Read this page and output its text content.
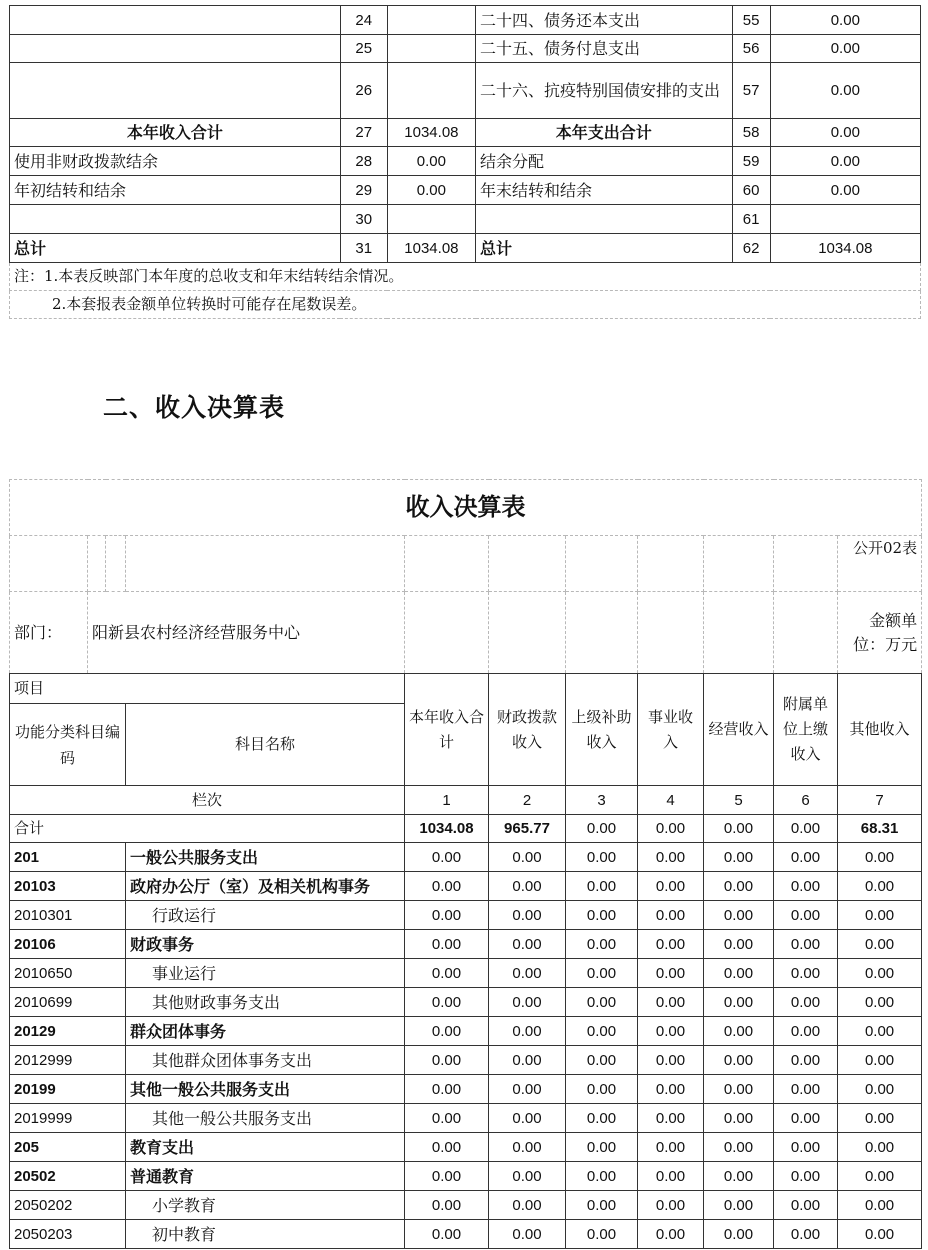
	24		二十四、债务还本支出	55	0.00
	25		二十五、债务付息支出	56	0.00
	26		二十六、抗疫特别国债安排的支出	57	0.00
本年收入合计	27	1034.08	本年支出合计	58	0.00
使用非财政拨款结余	28	0.00	结余分配	59	0.00
年初结转和结余	29	0.00	年末结转和结余	60	0.00
	30			61	
总计	31	1034.08	总计	62	1034.08
注：1.本表反映部门本年度的总收支和年末结转结余情况。					
2.本套报表金额单位转换时可能存在尾数误差。					
二、收入决算表
收入决算表										
										公开02表
部门：	阳新县农村经济经营服务中心									金额单位：万元
项目				本年收入合计	财政拨款收入	上级补助收入	事业收入	经营收入	附属单位上缴收入	其他收入
功能分类科目编码			科目名称							
栏次				1	2	3	4	5	6	7
合计				1034.08	965.77	0.00	0.00	0.00	0.00	68.31
201			一般公共服务支出	0.00	0.00	0.00	0.00	0.00	0.00	0.00
20103			政府办公厅（室）及相关机构事务	0.00	0.00	0.00	0.00	0.00	0.00	0.00
2010301			行政运行	0.00	0.00	0.00	0.00	0.00	0.00	0.00
20106			财政事务	0.00	0.00	0.00	0.00	0.00	0.00	0.00
2010650			事业运行	0.00	0.00	0.00	0.00	0.00	0.00	0.00
2010699			其他财政事务支出	0.00	0.00	0.00	0.00	0.00	0.00	0.00
20129			群众团体事务	0.00	0.00	0.00	0.00	0.00	0.00	0.00
2012999			其他群众团体事务支出	0.00	0.00	0.00	0.00	0.00	0.00	0.00
20199			其他一般公共服务支出	0.00	0.00	0.00	0.00	0.00	0.00	0.00
2019999			其他一般公共服务支出	0.00	0.00	0.00	0.00	0.00	0.00	0.00
205			教育支出	0.00	0.00	0.00	0.00	0.00	0.00	0.00
20502			普通教育	0.00	0.00	0.00	0.00	0.00	0.00	0.00
2050202			小学教育	0.00	0.00	0.00	0.00	0.00	0.00	0.00
2050203			初中教育	0.00	0.00	0.00	0.00	0.00	0.00	0.00
